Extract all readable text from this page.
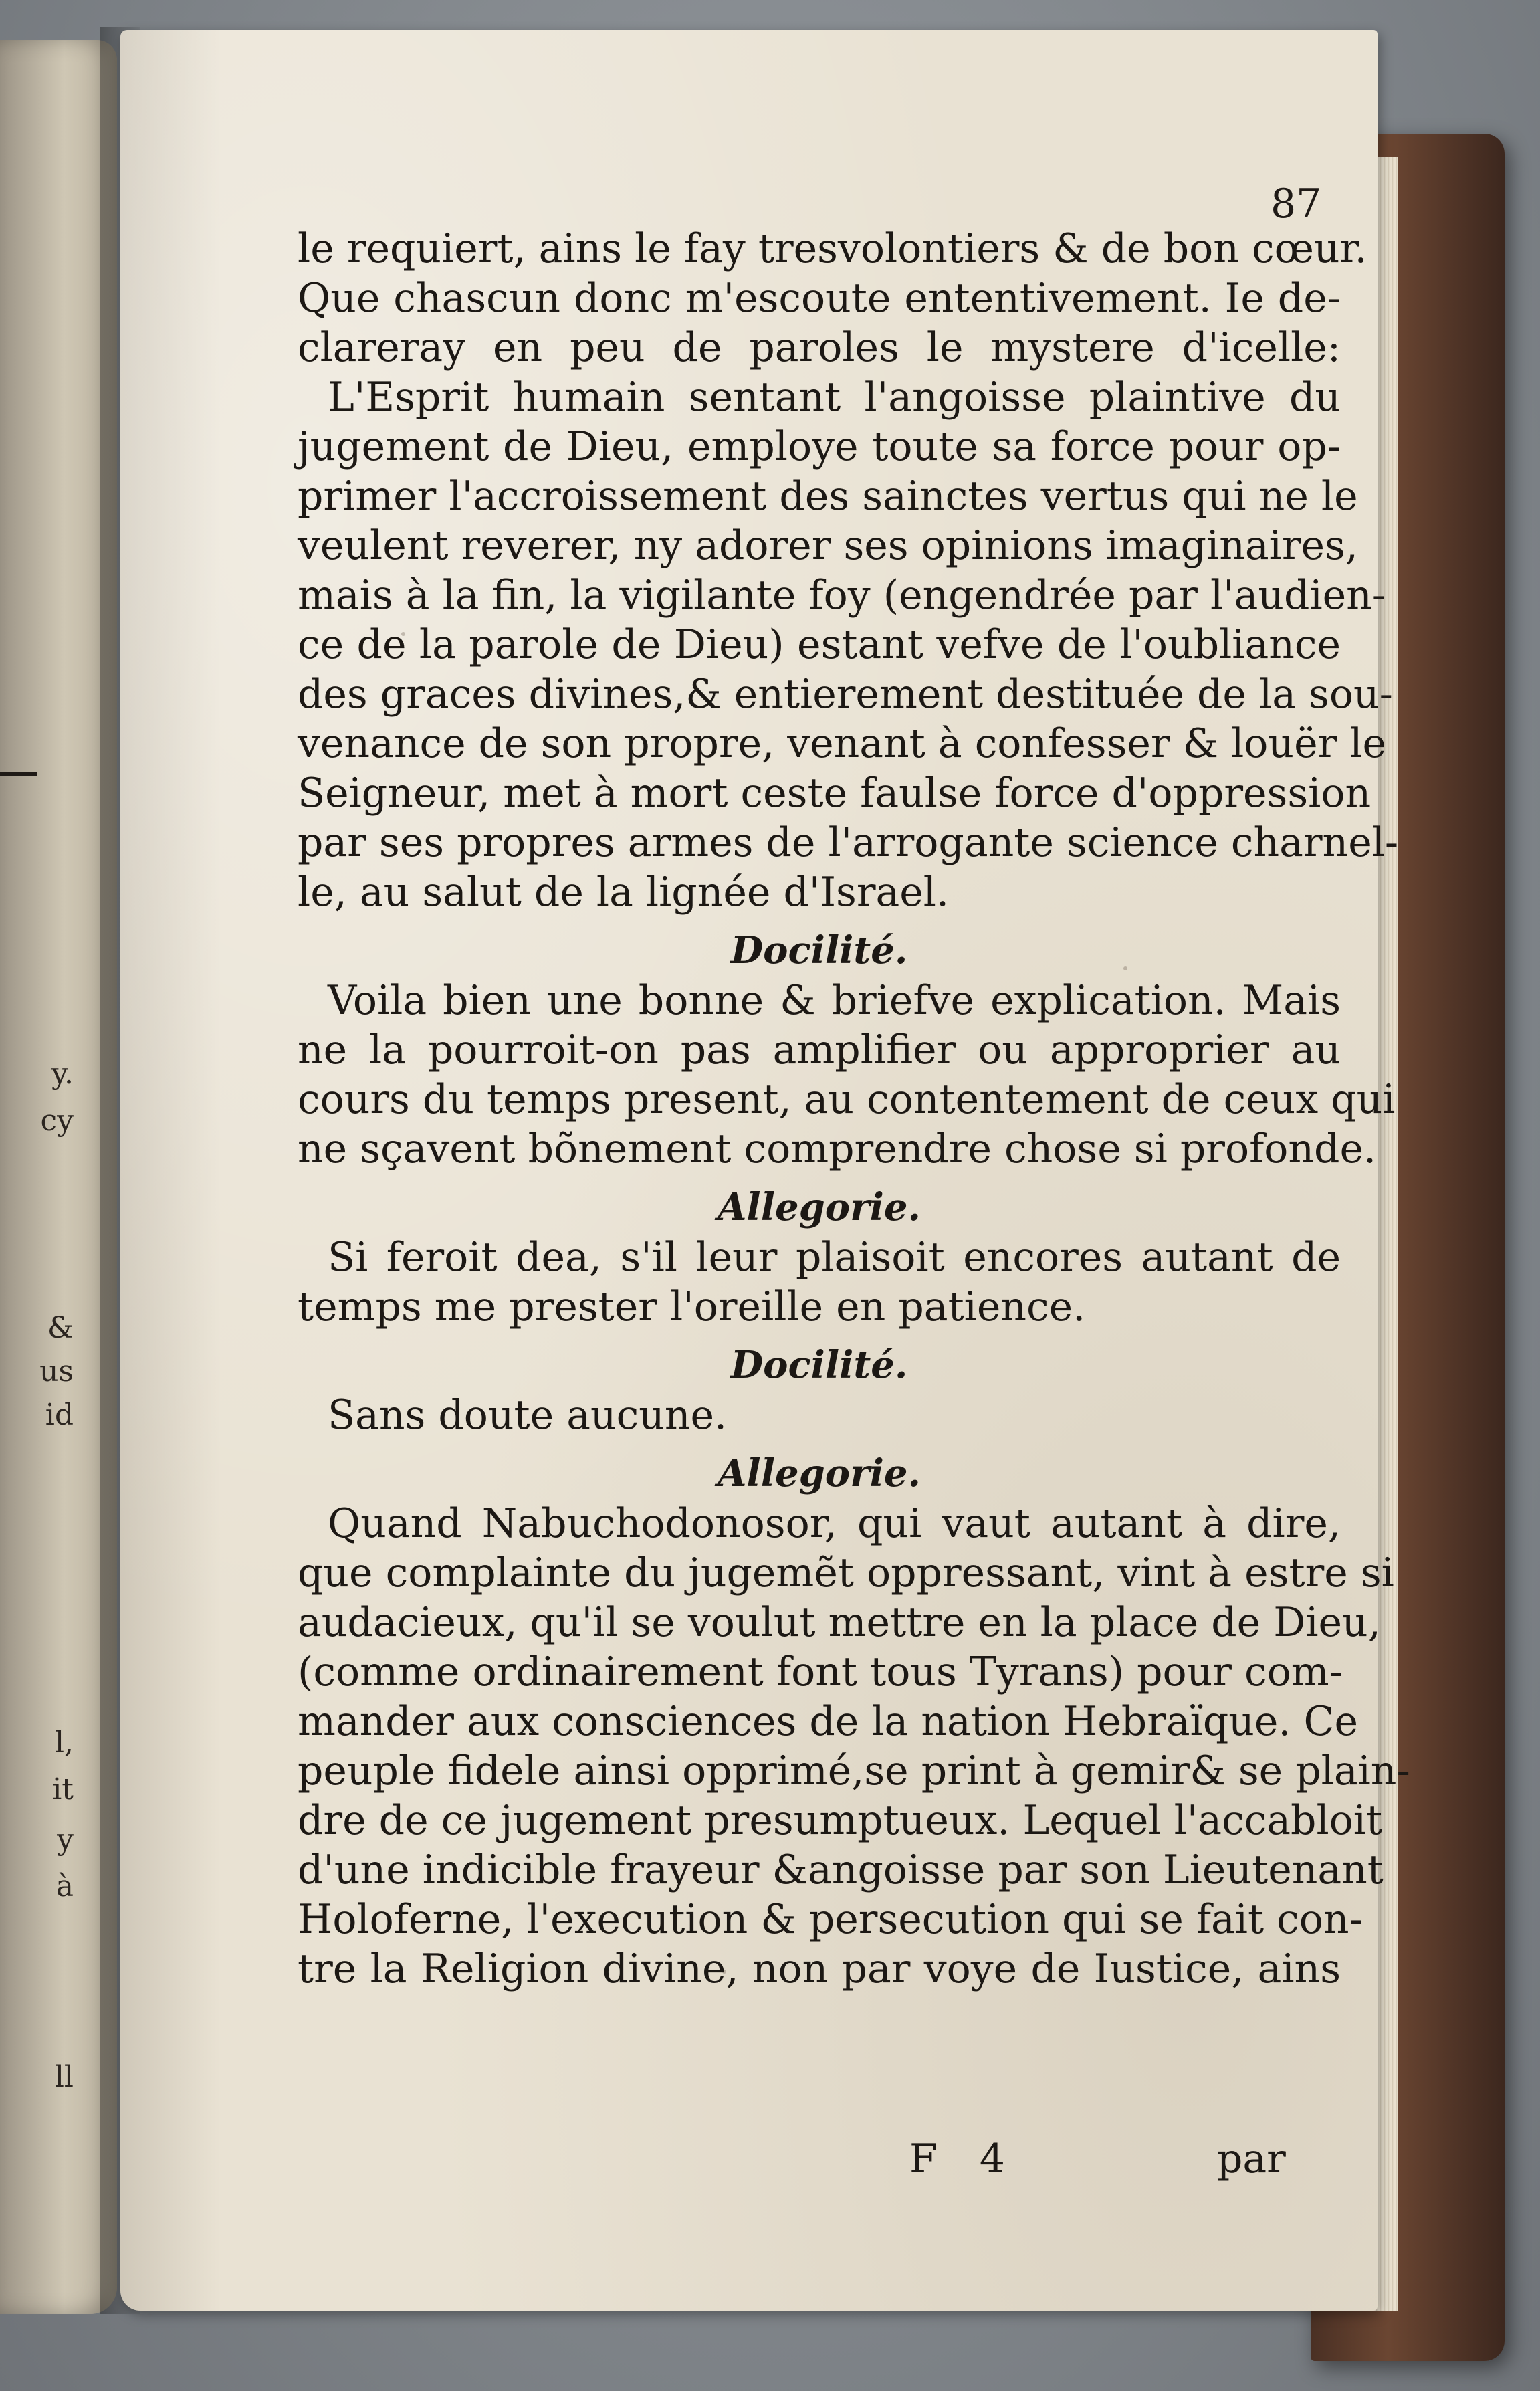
y.
cy
&
us
id
l,
it
y
à
ll
87
le requiert, ains le fay tresvolontiers & de bon cœur.
Que chascun donc m'escoute ententivement. Ie de-
clareray en peu de paroles le mystere d'icelle:
L'Esprit humain sentant l'angoisse plaintive du
jugement de Dieu, employe toute sa force pour op-
primer l'accroissement des sainctes vertus qui ne le
veulent reverer, ny adorer ses opinions imaginaires,
mais à la fin, la vigilante foy (engendrée par l'audien-
ce de la parole de Dieu) estant vefve de l'oubliance
des graces divines,& entierement destituée de la sou-
venance de son propre, venant à confesser & louër le
Seigneur, met à mort ceste faulse force d'oppression
par ses propres armes de l'arrogante science charnel-
le, au salut de la lignée d'Israel.
Docilité.
Voila bien une bonne & briefve explication. Mais
ne la pourroit-on pas amplifier ou approprier au
cours du temps present, au contentement de ceux qui
ne sçavent bõnement comprendre chose si profonde.
Allegorie.
Si feroit dea, s'il leur plaisoit encores autant de
temps me prester l'oreille en patience.
Docilité.
Sans doute aucune.
Allegorie.
Quand Nabuchodonosor, qui vaut autant à dire,
que complainte du jugemẽt oppressant, vint à estre si
audacieux, qu'il se voulut mettre en la place de Dieu,
(comme ordinairement font tous Tyrans) pour com-
mander aux consciences de la nation Hebraïque. Ce
peuple fidele ainsi opprimé,se print à gemir& se plain-
dre de ce jugement presumptueux. Lequel l'accabloit
d'une indicible frayeur &angoisse par son Lieutenant
Holoferne, l'execution & persecution qui se fait con-
tre la Religion divine, non par voye de Iustice, ains
F 4	par
